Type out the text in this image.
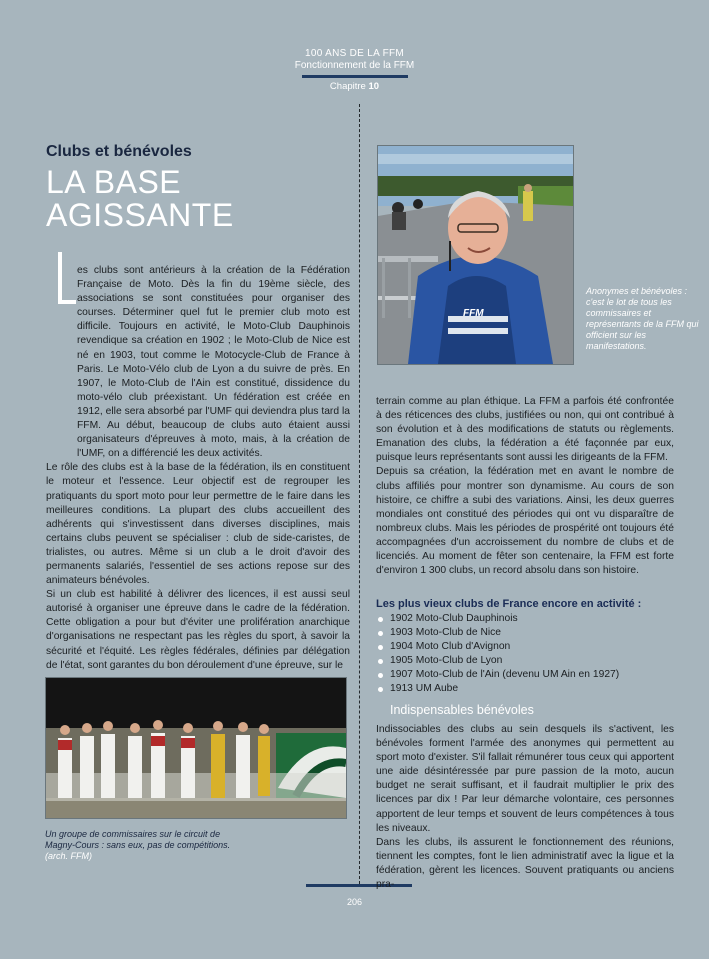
100 ANS DE LA FFM
Fonctionnement de la FFM
Chapitre 10
Clubs et bénévoles
LA BASE
AGISSANTE

es clubs sont antérieurs à la création de la Fédération Française de Moto. Dès la fin du 19ème siècle, des associations se sont constituées pour organiser des courses. Déterminer quel fut le premier club moto est difficile. Toujours en activité, le Moto-Club Dauphinois revendique sa création en 1902 ; le Moto-Club de Nice est né en 1903, tout comme le Motocycle-Club de France à Paris. Le Moto-Vélo club de Lyon a du suivre de près. En 1907, le Moto-Club de l'Ain est constitué, dissidence du moto-vélo club préexistant. Un fédération est créée en 1912, elle sera absorbé par l'UMF qui deviendra plus tard la FFM. Au début, beaucoup de clubs auto étaient aussi organisateurs d'épreuves à moto, mais, à la création de l'UMF, on a différencié les deux activités.

Le rôle des clubs est à la base de la fédération, ils en constituent le moteur et l'essence. Leur objectif est de regrouper les pratiquants du sport moto pour leur permettre de le faire dans les meilleures conditions. La plupart des clubs accueillent des adhérents qui s'investissent dans diverses disciplines, mais certains clubs peuvent se spécialiser : club de side-caristes, de trialistes, ou autres. Même si un club a le droit d'avoir des permanents salariés, l'essentiel de ses actions repose sur des animateurs bénévoles.

Si un club est habilité à délivrer des licences, il est aussi seul autorisé à organiser une épreuve dans le cadre de la fédération. Cette obligation a pour but d'éviter une prolifération anarchique d'organisations ne respectant pas les règles du sport, à savoir la sécurité et l'équité. Les règles fédérales, définies par délégation de l'état, sont garantes du bon déroulement d'une épreuve, sur le

FFM
Anonymes et bénévoles : c'est le lot de tous les commissaires et représentants de la FFM qui officient sur les manifestations.

terrain comme au plan éthique. La FFM a parfois été confrontée à des réticences des clubs, justifiées ou non, qui ont contribué à son évolution et à des modifications de statuts ou règlements. Emanation des clubs, la fédération a été façonnée par eux, puisque leurs représentants sont aussi les dirigeants de la FFM.

Depuis sa création, la fédération met en avant le nombre de clubs affiliés pour montrer son dynamisme. Au cours de son histoire, ce chiffre a subi des variations. Ainsi, les deux guerres mondiales ont constitué des périodes qui ont vu disparaître de nombreux clubs. Mais les périodes de prospérité ont toujours été accompagnées d'un accroissement du nombre de clubs et de licenciés. Au moment de fêter son centenaire, la FFM est forte d'environ 1 300 clubs, un record absolu dans son histoire.

Les plus vieux clubs de France encore en activité :
1902 Moto-Club Dauphinois
1903 Moto-Club de Nice
1904 Moto Club d'Avignon
1905 Moto-Club de Lyon
1907 Moto-Club de l'Ain (devenu UM Ain en 1927)
1913 UM Aube
Indispensables bénévoles

Indissociables des clubs au sein desquels ils s'activent, les bénévoles forment l'armée des anonymes qui permettent au sport moto d'exister. S'il fallait rémunérer tous ceux qui apportent une aide désintéressée par pure passion de la moto, aucun budget ne serait suffisant, et il faudrait multiplier le prix des licences par dix ! Par leur démarche volontaire, ces personnes apportent de leur temps et souvent de leurs compétences à tous les niveaux.

Dans les clubs, ils assurent le fonctionnement des réunions, tiennent les comptes, font le lien administratif avec la ligue et la fédération, gèrent les licences. Souvent pratiquants ou anciens pra-

Un groupe de commissaires sur le circuit de Magny-Cours : sans eux, pas de compétitions. (arch. FFM)
206
